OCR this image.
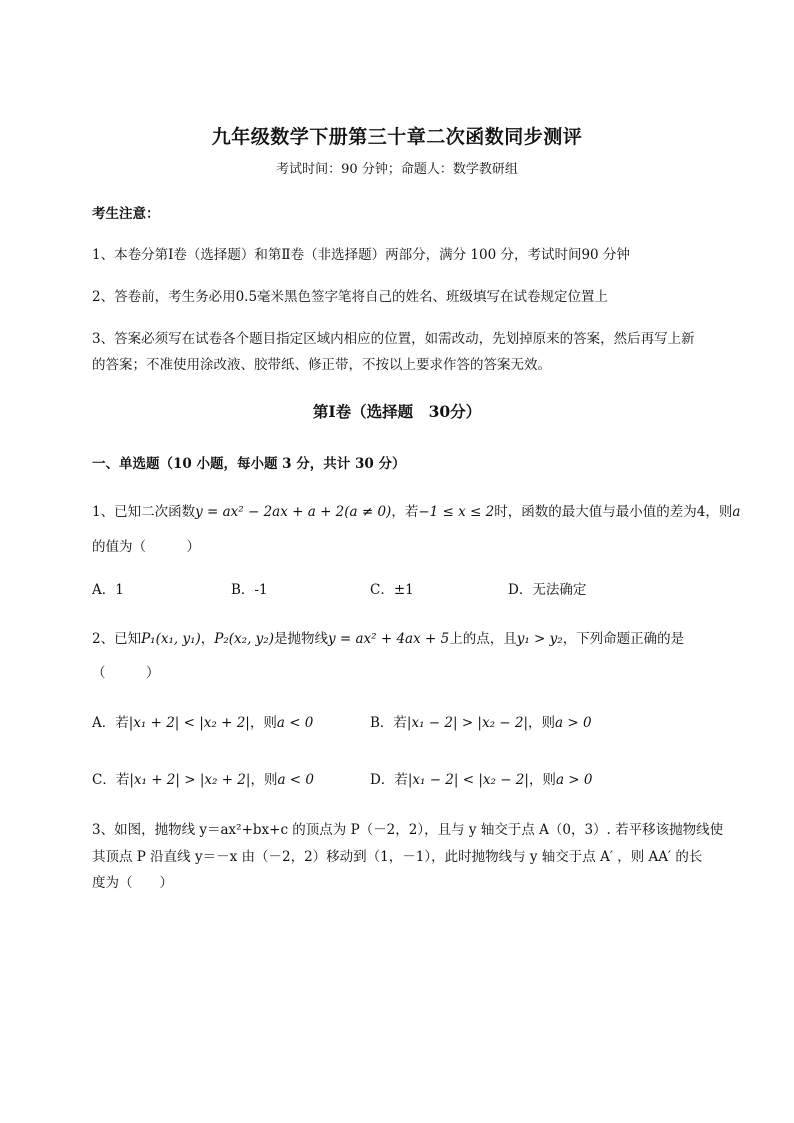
九年级数学下册第三十章二次函数同步测评
考试时间：90 分钟；命题人：数学教研组
考生注意：
1、本卷分第Ⅰ卷（选择题）和第Ⅱ卷（非选择题）两部分，满分 100 分，考试时间90 分钟
2、答卷前，考生务必用0.5毫米黑色签字笔将自己的姓名、班级填写在试卷规定位置上
3、答案必须写在试卷各个题目指定区域内相应的位置，如需改动，先划掉原来的答案，然后再写上新
的答案；不准使用涂改液、胶带纸、修正带，不按以上要求作答的答案无效。
第Ⅰ卷（选择题　30分）
一、单选题（10 小题，每小题 3 分，共计 30 分）
1、已知二次函数y = ax² − 2ax + a + 2(a ≠ 0)，若−1 ≤ x ≤ 2时，函数的最大值与最小值的差为4，则a
的值为（　　　）
A．1	B．-1	C．±1	D．无法确定
2、已知P₁(x₁, y₁)，P₂(x₂, y₂)是抛物线y = ax² + 4ax + 5上的点，且y₁ > y₂，下列命题正确的是
（　　　）
A．若|x₁ + 2| < |x₂ + 2|，则a < 0	B．若|x₁ − 2| > |x₂ − 2|，则a > 0
C．若|x₁ + 2| > |x₂ + 2|，则a < 0	D．若|x₁ − 2| < |x₂ − 2|，则a > 0
3、如图，抛物线 y＝ax²+bx+c 的顶点为 P（－2，2），且与 y 轴交于点 A（0，3）. 若平移该抛物线使
其顶点 P 沿直线 y＝－x 由（－2，2）移动到（1，－1），此时抛物线与 y 轴交于点 A′ ，则 AA′ 的长
度为（　　）
